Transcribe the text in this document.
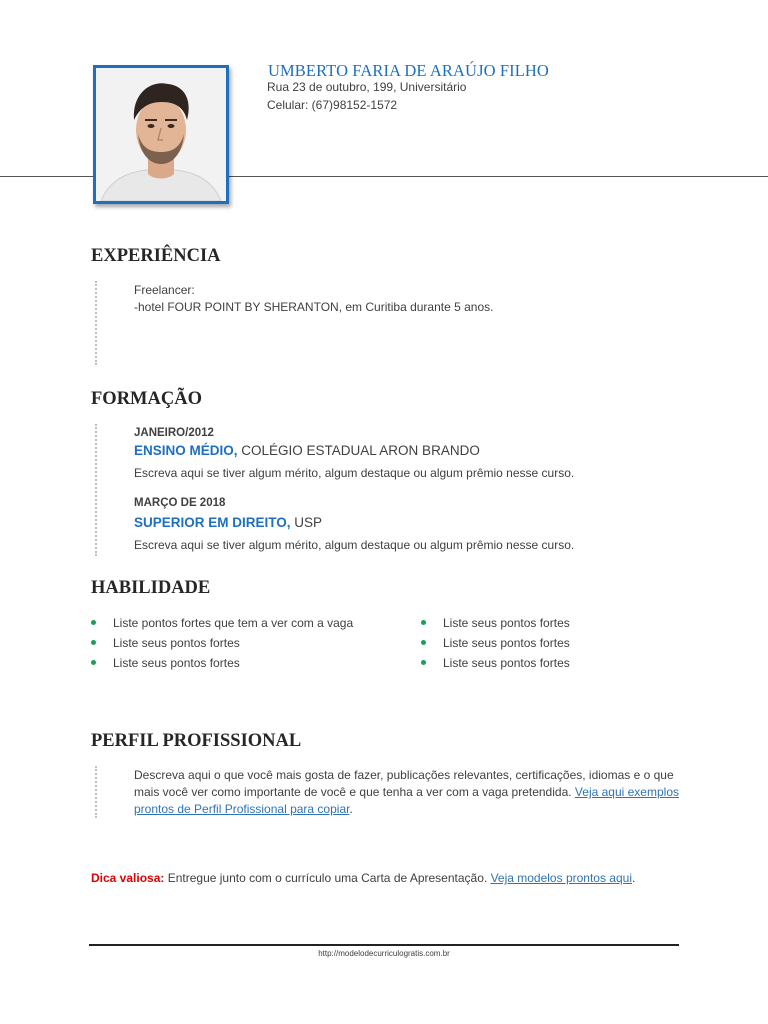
UMBERTO FARIA DE ARAÚJO FILHO
Rua 23 de outubro, 199, Universitário
Celular: (67)98152-1572
EXPERIÊNCIA
Freelancer:
-hotel FOUR POINT BY SHERANTON, em Curitiba durante 5 anos.
FORMAÇÃO
JANEIRO/2012
ENSINO MÉDIO, COLÉGIO ESTADUAL ARON BRANDO
Escreva aqui se tiver algum mérito, algum destaque ou algum prêmio nesse curso.
MARÇO DE 2018
SUPERIOR EM DIREITO, USP
Escreva aqui se tiver algum mérito, algum destaque ou algum prêmio nesse curso.
HABILIDADE
Liste pontos fortes que tem a ver com a vaga
Liste seus pontos fortes
Liste seus pontos fortes
Liste seus pontos fortes
Liste seus pontos fortes
Liste seus pontos fortes
PERFIL PROFISSIONAL
Descreva aqui o que você mais gosta de fazer, publicações relevantes, certificações, idiomas e o que mais você ver como importante de você e que tenha a ver com a vaga pretendida. Veja aqui exemplos prontos de Perfil Profissional para copiar.
Dica valiosa: Entregue junto com o currículo uma Carta de Apresentação. Veja modelos prontos aqui.
http://modelodecurriculogratis.com.br
